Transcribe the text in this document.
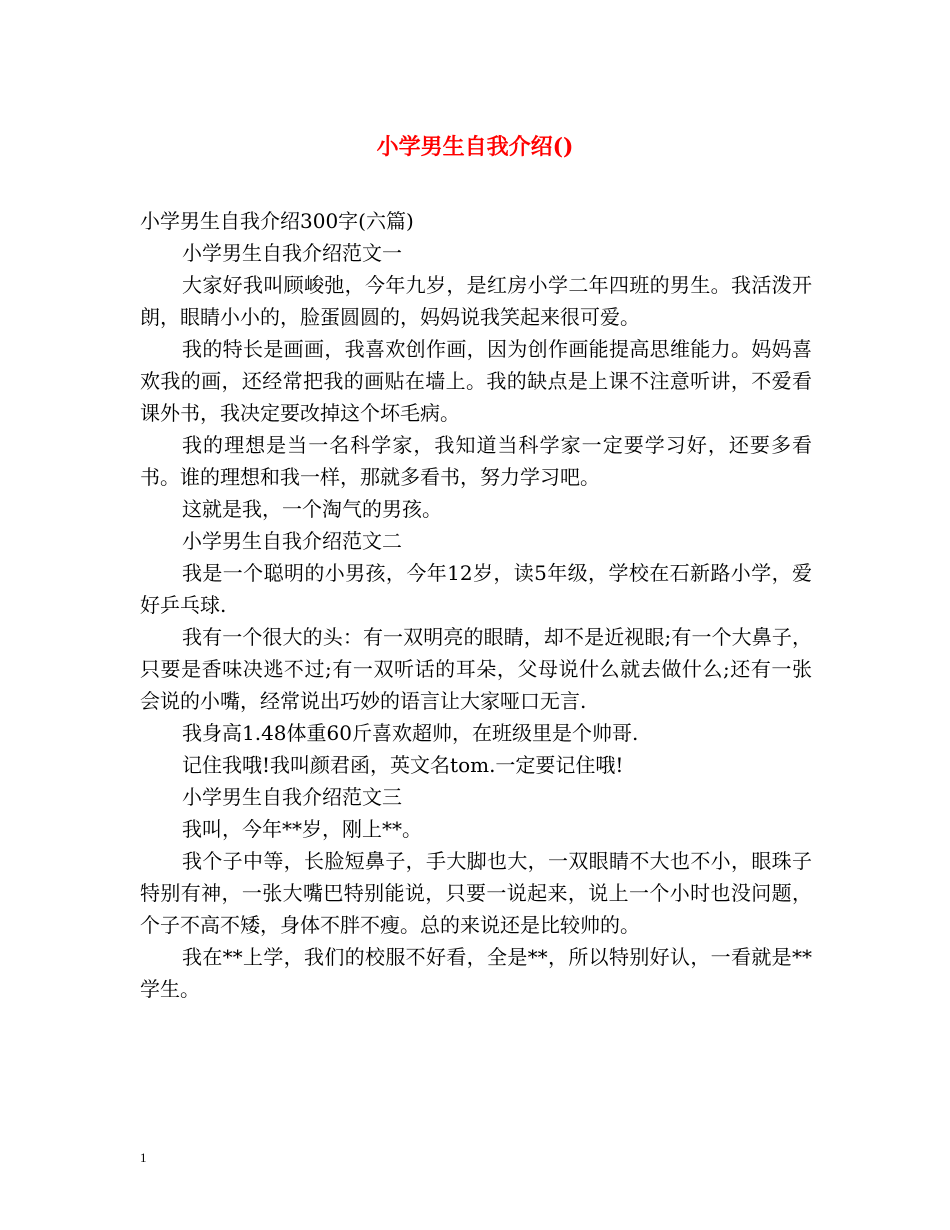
小学男生自我介绍()

小学男生自我介绍300字(六篇)

小学男生自我介绍范文一

大家好我叫顾峻弛，今年九岁，是红房小学二年四班的男生。我活泼开朗，眼睛小小的，脸蛋圆圆的，妈妈说我笑起来很可爱。

我的特长是画画，我喜欢创作画，因为创作画能提高思维能力。妈妈喜欢我的画，还经常把我的画贴在墙上。我的缺点是上课不注意听讲，不爱看课外书，我决定要改掉这个坏毛病。

我的理想是当一名科学家，我知道当科学家一定要学习好，还要多看书。谁的理想和我一样，那就多看书，努力学习吧。

这就是我，一个淘气的男孩。

小学男生自我介绍范文二

我是一个聪明的小男孩，今年12岁，读5年级，学校在石新路小学，爱好乒乓球.

我有一个很大的头：有一双明亮的眼睛，却不是近视眼;有一个大鼻子，只要是香味决逃不过;有一双听话的耳朵，父母说什么就去做什么;还有一张会说的小嘴，经常说出巧妙的语言让大家哑口无言.

我身高1.48体重60斤喜欢超帅，在班级里是个帅哥.

记住我哦!我叫颜君函，英文名tom.一定要记住哦!

小学男生自我介绍范文三

我叫，今年**岁，刚上**。

我个子中等，长脸短鼻子，手大脚也大，一双眼睛不大也不小，眼珠子特别有神，一张大嘴巴特别能说，只要一说起来，说上一个小时也没问题，个子不高不矮，身体不胖不瘦。总的来说还是比较帅的。

我在**上学，我们的校服不好看，全是**，所以特别好认，一看就是**学生。

1
